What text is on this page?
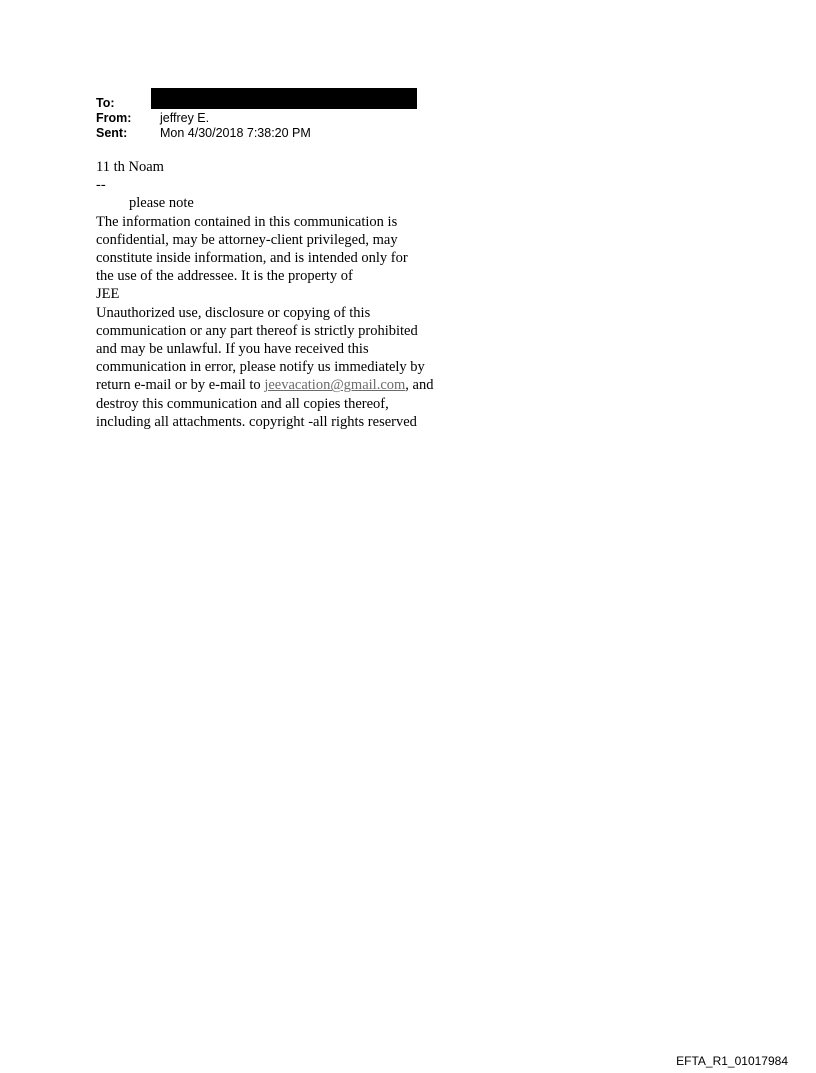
To:
From: jeffrey E.
Sent:	Mon 4/30/2018 7:38:20 PM

11 th Noam

--

please note

The information contained in this communication is

confidential, may be attorney-client privileged, may

constitute inside information, and is intended only for

the use of the addressee. It is the property of

JEE

Unauthorized use, disclosure or copying of this

communication or any part thereof is strictly prohibited

and may be unlawful. If you have received this

communication in error, please notify us immediately by

return e-mail or by e-mail to jeevacation@gmail.com, and

destroy this communication and all copies thereof,

including all attachments. copyright -all rights reserved

EFTA_R1_01017984
